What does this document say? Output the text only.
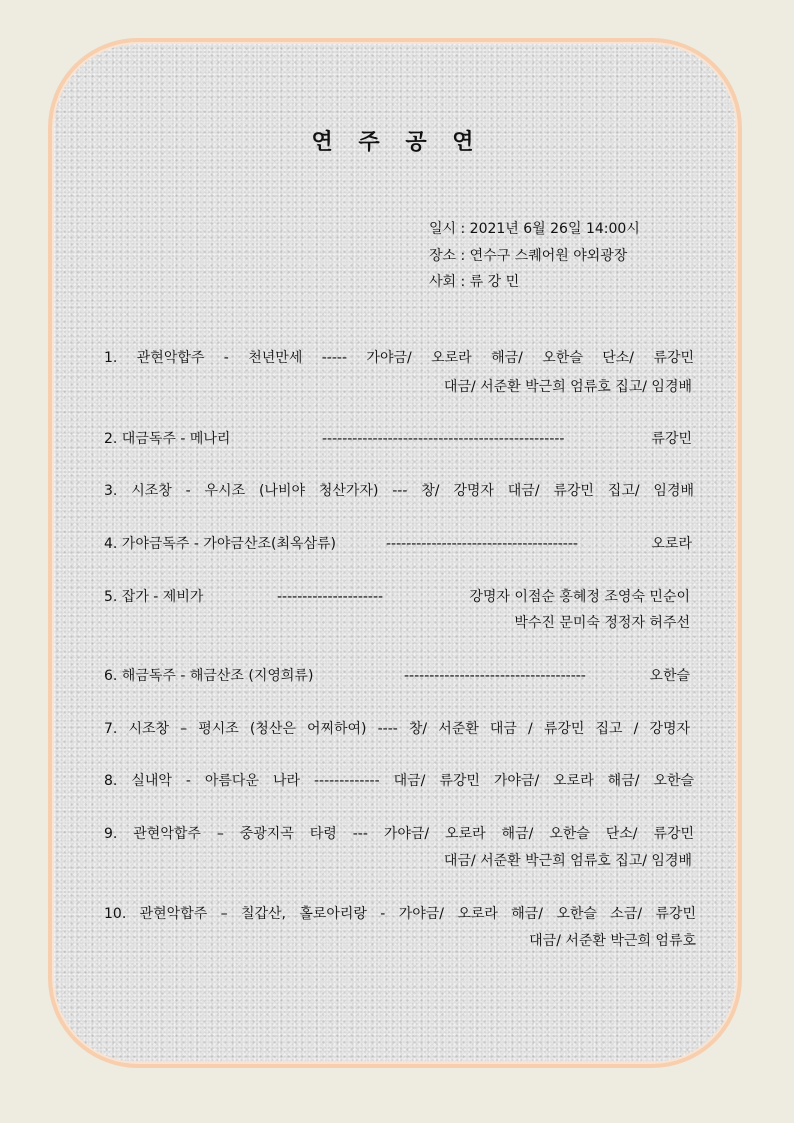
연 주 공 연
일시 : 2021년 6월 26일 14:00시
장소 : 연수구 스퀘어원 야외광장
사회 : 류 강 민
1. 관현악합주 - 천년만세 ----- 가야금/ 오로라 해금/ 오한슬 단소/ 류강민
대금/ 서준환 박근희 엄류호 집고/ 임경배
2. 대금독주 - 메나리	------------------------------------------------	류강민
3. 시조창 - 우시조 (나비야 청산가자) --- 창/ 강명자 대금/ 류강민 집고/ 임경배
4. 가야금독주 - 가야금산조(최옥삼류)	--------------------------------------	오로라
5. 잡가 - 제비가	---------------------	강명자 이점순 홍혜정 조영숙 민순이
박수진 문미숙 정정자 허주선
6. 해금독주 - 해금산조 (지영희류)	------------------------------------	오한슬
7. 시조창 – 평시조 (청산은 어찌하여) ---- 창/ 서준환 대금 / 류강민 집고 / 강명자
8. 실내악 - 아름다운 나라 ------------- 대금/ 류강민 가야금/ 오로라 해금/ 오한슬
9. 관현악합주 – 중광지곡 타령 --- 가야금/ 오로라 해금/ 오한슬 단소/ 류강민
대금/ 서준환 박근희 엄류호 집고/ 임경배
10. 관현악합주 – 칠갑산, 홀로아리랑 - 가야금/ 오로라 해금/ 오한슬 소금/ 류강민
대금/ 서준환 박근희 엄류호
